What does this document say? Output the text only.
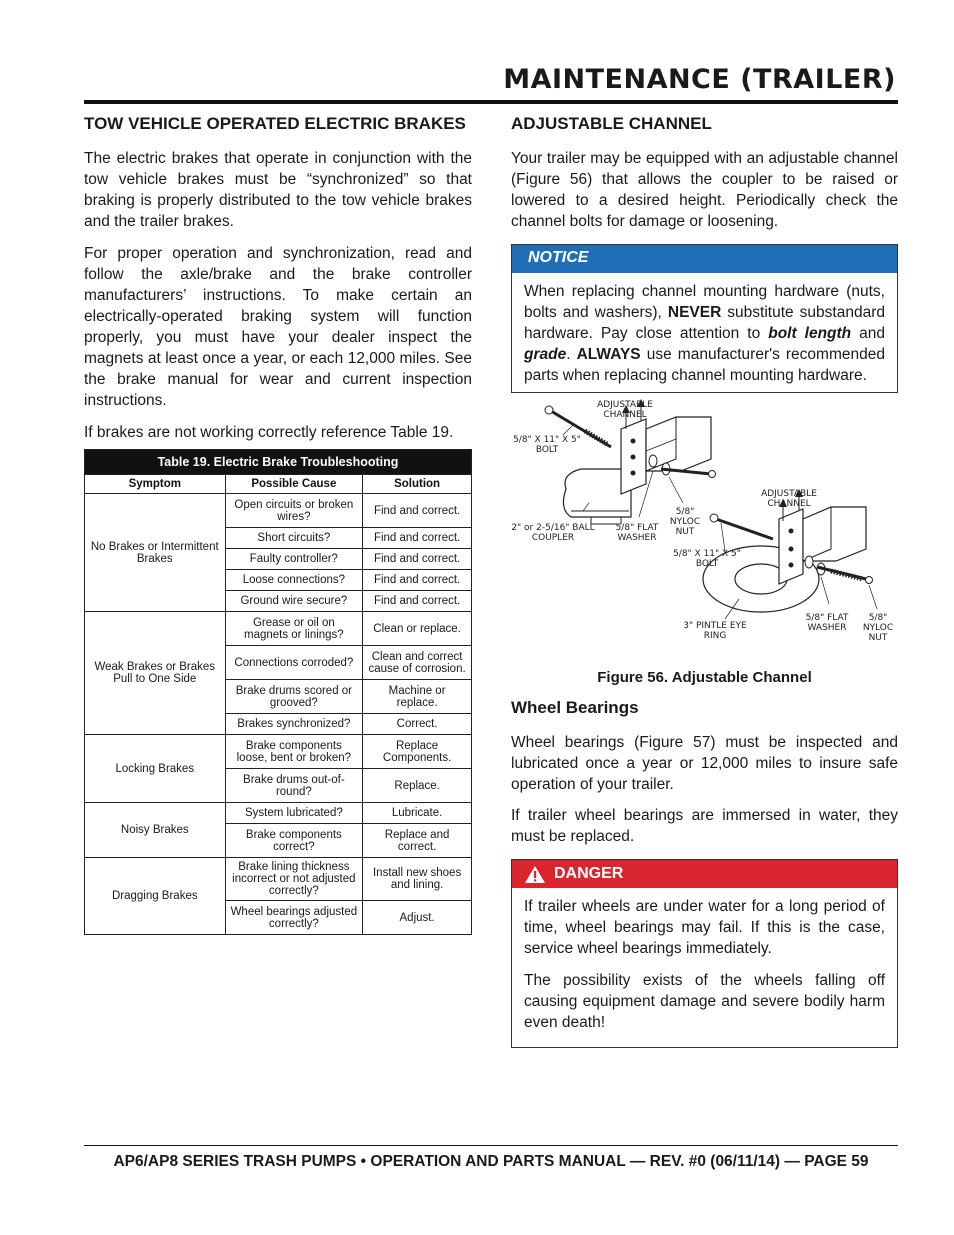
MAINTENANCE (TRAILER)
TOW VEHICLE OPERATED ELECTRIC BRAKES

The electric brakes that operate in conjunction with the tow vehicle brakes must be “synchronized” so that braking is properly distributed to the tow vehicle brakes and the trailer brakes.

For proper operation and synchronization, read and follow the axle/brake and the brake controller manufacturers’ instructions. To make certain an electrically-operated braking system will function properly, you must have your dealer inspect the magnets at least once a year, or each 12,000 miles. See the brake manual for wear and current inspection instructions.

If brakes are not working correctly reference Table 19.

Table 19. Electric Brake Troubleshooting		
Symptom	Possible Cause	Solution
No Brakes or Intermittent Brakes	Open circuits or broken wires?	Find and correct.
	Short circuits?	Find and correct.
	Faulty controller?	Find and correct.
	Loose connections?	Find and correct.
	Ground wire secure?	Find and correct.
Weak Brakes or Brakes Pull to One Side	Grease or oil on magnets or linings?	Clean or replace.
	Connections corroded?	Clean and correct cause of corrosion.
	Brake drums scored or grooved?	Machine or replace.
	Brakes synchronized?	Correct.
Locking Brakes	Brake components loose, bent or broken?	Replace Components.
	Brake drums out-of-round?	Replace.
Noisy Brakes	System lubricated?	Lubricate.
	Brake components correct?	Replace and correct.
Dragging Brakes	Brake lining thickness incorrect or not adjusted correctly?	Install new shoes and lining.
	Wheel bearings adjusted correctly?	Adjust.
ADJUSTABLE CHANNEL

Your trailer may be equipped with an adjustable channel (Figure 56) that allows the coupler to be raised or lowered to a desired height. Periodically check the channel bolts for damage or loosening.

NOTICE

When replacing channel mounting hardware (nuts, bolts and washers), NEVER substitute substandard hardware. Pay close attention to bolt length and grade. ALWAYS use manufacturer's recommended parts when replacing channel mounting hardware.

ADJUSTABLE
CHANNEL
5/8" X 11" X 5"
BOLT
2" or 2-5/16" BALL
COUPLER
5/8" FLAT
WASHER
5/8"
NYLOC
NUT
ADJUSTABLE
CHANNEL
5/8" X 11" X 5"
BOLT
3" PINTLE EYE
RING
5/8" FLAT
WASHER
5/8"
NYLOC
NUT
Figure 56. Adjustable Channel
Wheel Bearings

Wheel bearings (Figure 57) must be inspected and lubricated once a year or 12,000 miles to insure safe operation of your trailer.

If trailer wheel bearings are immersed in water, they must be replaced.

DANGER

If trailer wheels are under water for a long period of time, wheel bearings may fail. If this is the case, service wheel bearings immediately.

The possibility exists of the wheels falling off causing equipment damage and severe bodily harm even death!

AP6/AP8 SERIES TRASH PUMPS • OPERATION AND PARTS MANUAL — REV. #0 (06/11/14) — PAGE 59
